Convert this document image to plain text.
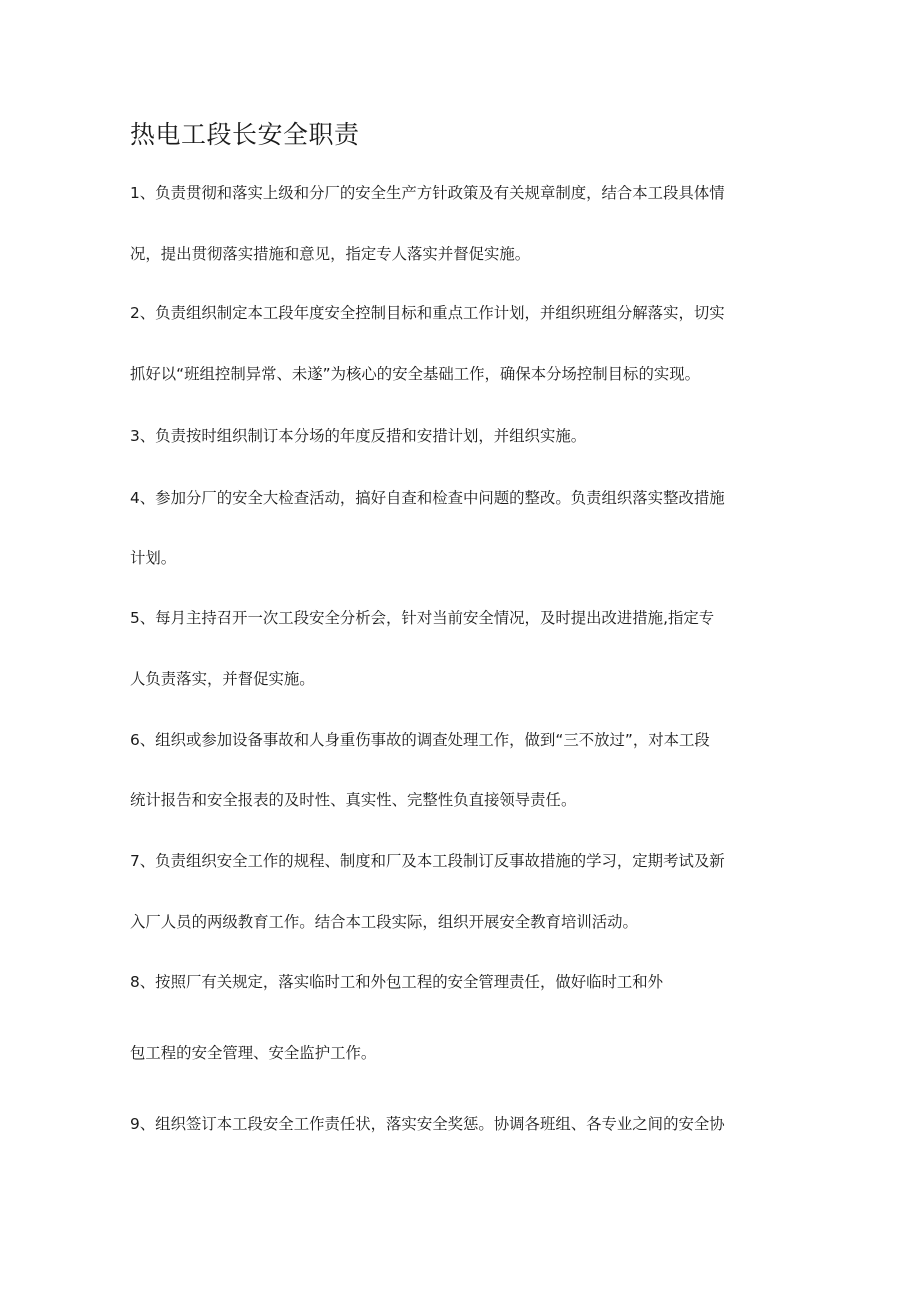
热电工段长安全职责

1、负责贯彻和落实上级和分厂的安全生产方针政策及有关规章制度，结合本工段具体情

况，提出贯彻落实措施和意见，指定专人落实并督促实施。

2、负责组织制定本工段年度安全控制目标和重点工作计划，并组织班组分解落实，切实

抓好以“班组控制异常、未遂”为核心的安全基础工作，确保本分场控制目标的实现。

3、负责按时组织制订本分场的年度反措和安措计划，并组织实施。

4、参加分厂的安全大检查活动，搞好自查和检查中问题的整改。负责组织落实整改措施

计划。

5、每月主持召开一次工段安全分析会，针对当前安全情况，及时提出改进措施,指定专

人负责落实，并督促实施。

6、组织或参加设备事故和人身重伤事故的调查处理工作，做到“三不放过”，对本工段

统计报告和安全报表的及时性、真实性、完整性负直接领导责任。

7、负责组织安全工作的规程、制度和厂及本工段制订反事故措施的学习，定期考试及新

入厂人员的两级教育工作。结合本工段实际，组织开展安全教育培训活动。

8、按照厂有关规定，落实临时工和外包工程的安全管理责任，做好临时工和外

包工程的安全管理、安全监护工作。

9、组织签订本工段安全工作责任状，落实安全奖惩。协调各班组、各专业之间的安全协
